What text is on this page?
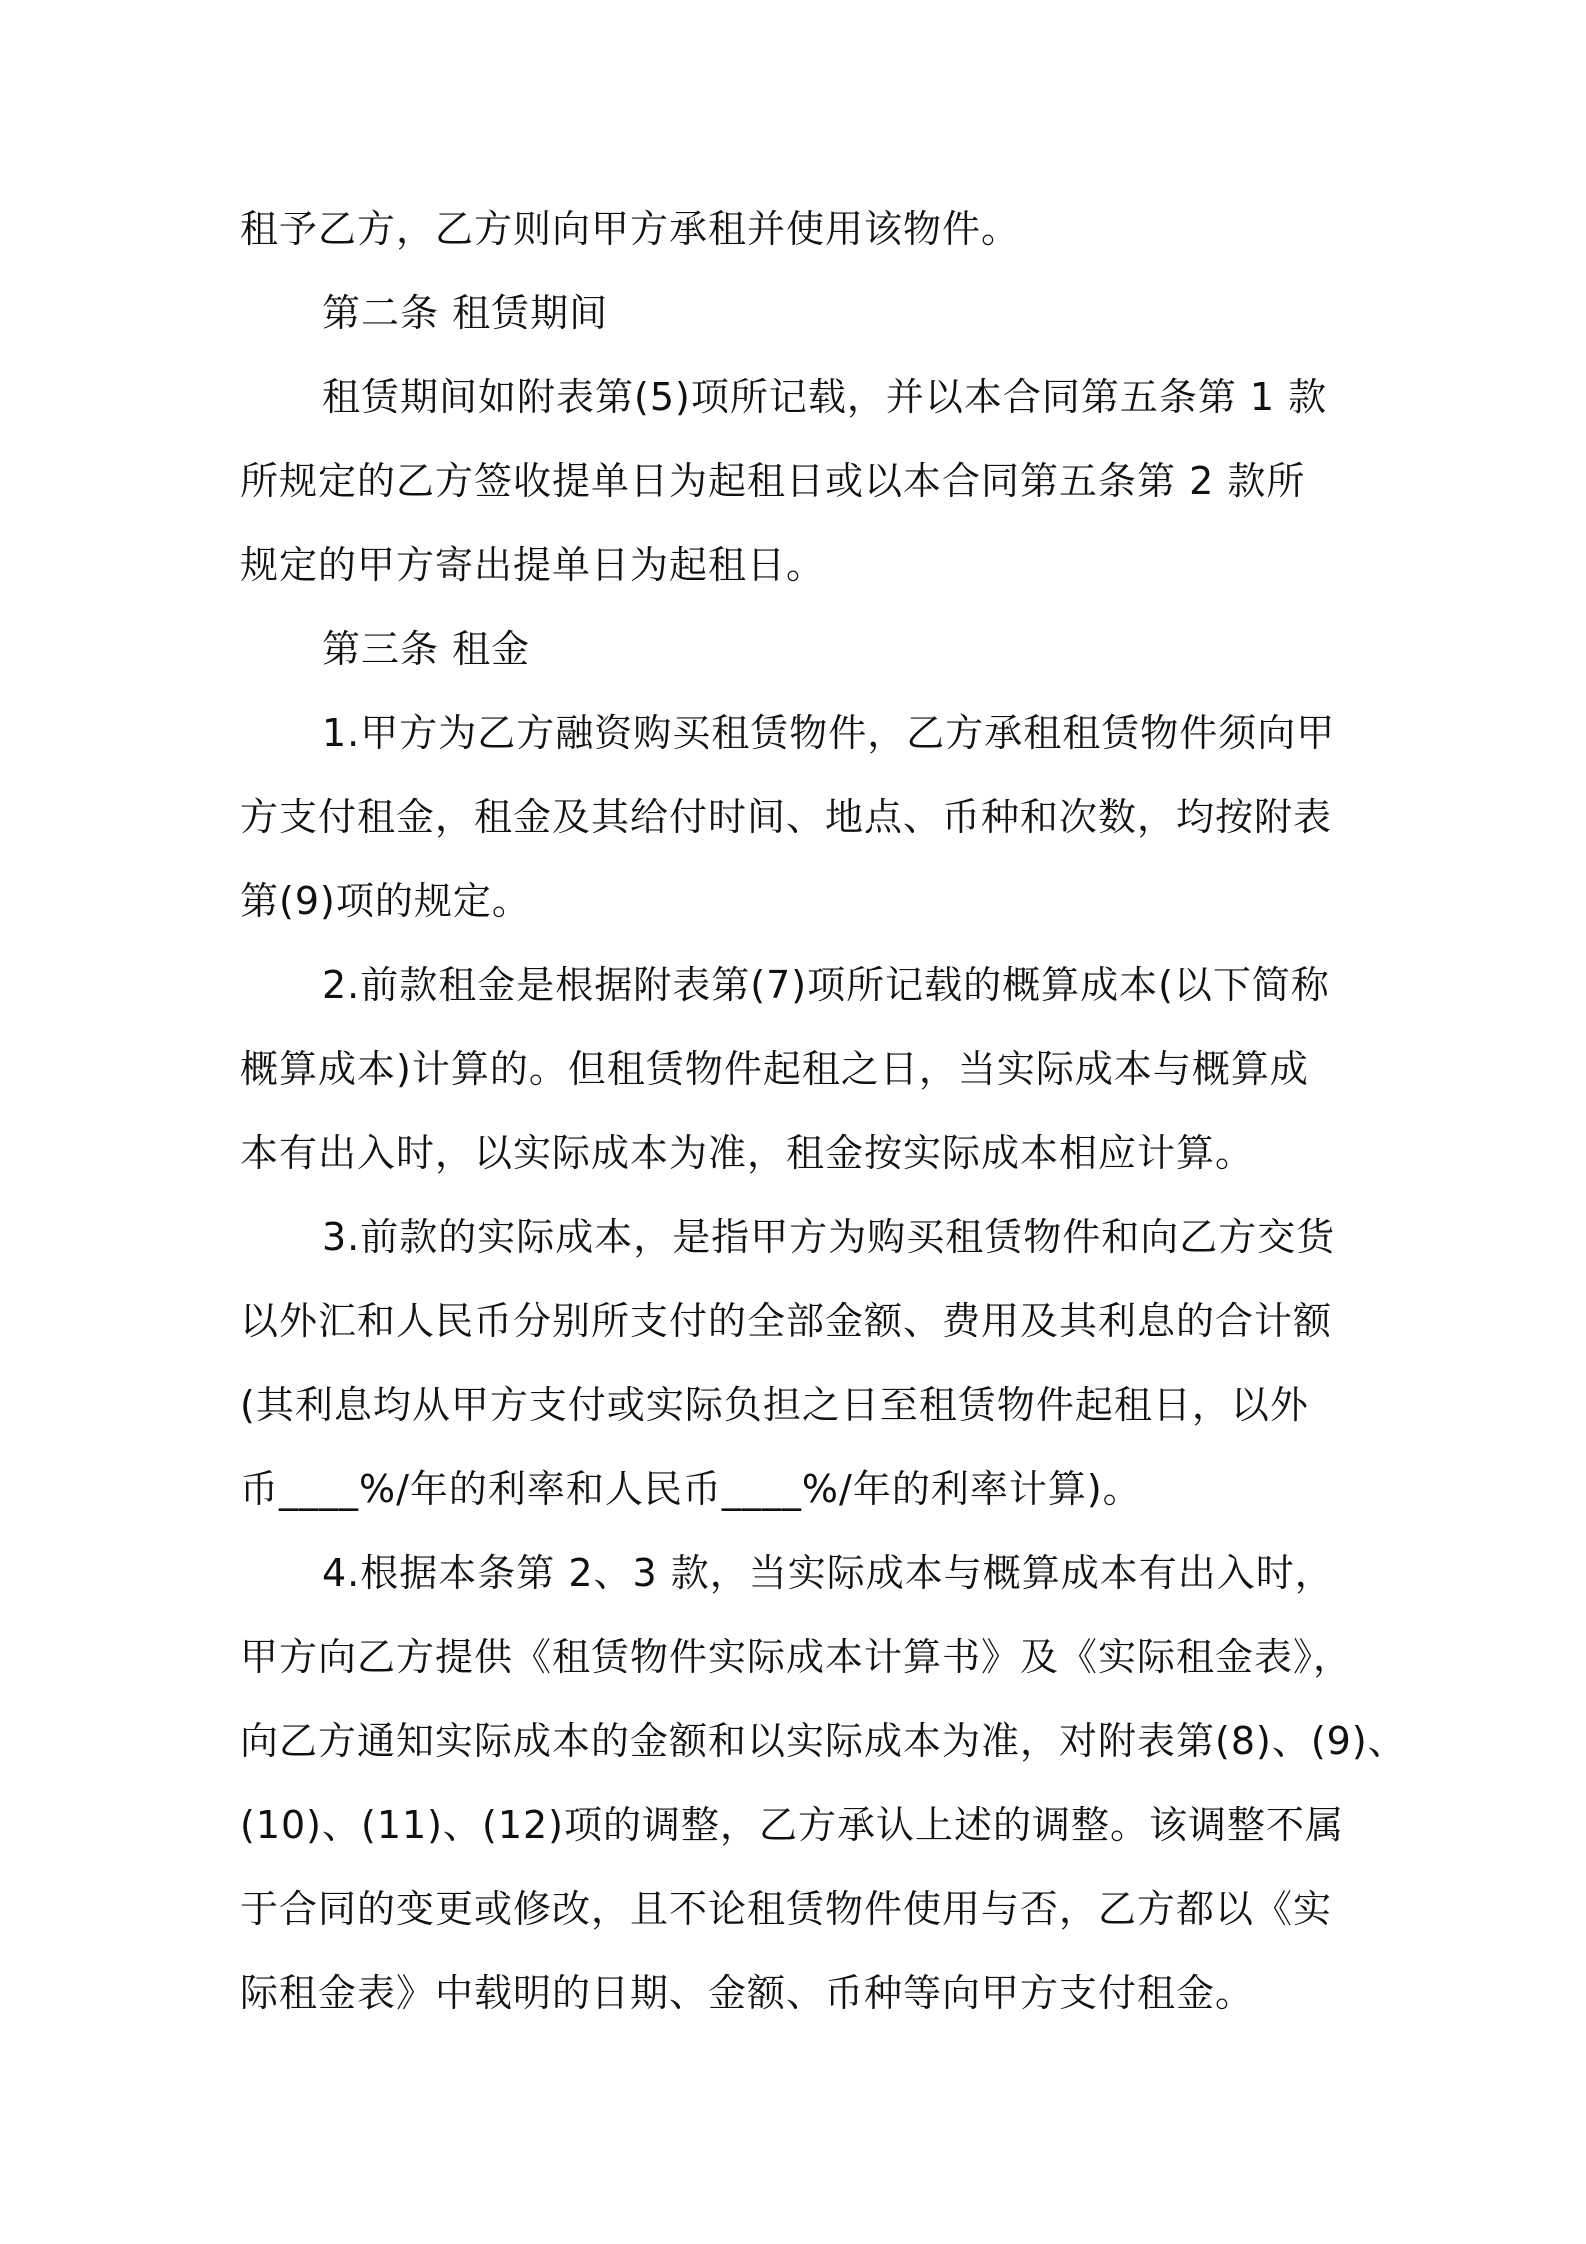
租予乙方，乙方则向甲方承租并使用该物件。
第二条 租赁期间
租赁期间如附表第(5)项所记载，并以本合同第五条第 1 款
所规定的乙方签收提单日为起租日或以本合同第五条第 2 款所
规定的甲方寄出提单日为起租日。
第三条 租金
1.甲方为乙方融资购买租赁物件，乙方承租租赁物件须向甲
方支付租金，租金及其给付时间、地点、币种和次数，均按附表
第(9)项的规定。
2.前款租金是根据附表第(7)项所记载的概算成本(以下简称
概算成本)计算的。但租赁物件起租之日，当实际成本与概算成
本有出入时，以实际成本为准，租金按实际成本相应计算。
3.前款的实际成本，是指甲方为购买租赁物件和向乙方交货
以外汇和人民币分别所支付的全部金额、费用及其利息的合计额
(其利息均从甲方支付或实际负担之日至租赁物件起租日，以外
币____%/年的利率和人民币____%/年的利率计算)。
4.根据本条第 2、3 款，当实际成本与概算成本有出入时，
甲方向乙方提供《租赁物件实际成本计算书》及《实际租金表》，
向乙方通知实际成本的金额和以实际成本为准，对附表第(8)、(9)、
(10)、(11)、(12)项的调整，乙方承认上述的调整。该调整不属
于合同的变更或修改，且不论租赁物件使用与否，乙方都以《实
际租金表》中载明的日期、金额、币种等向甲方支付租金。
